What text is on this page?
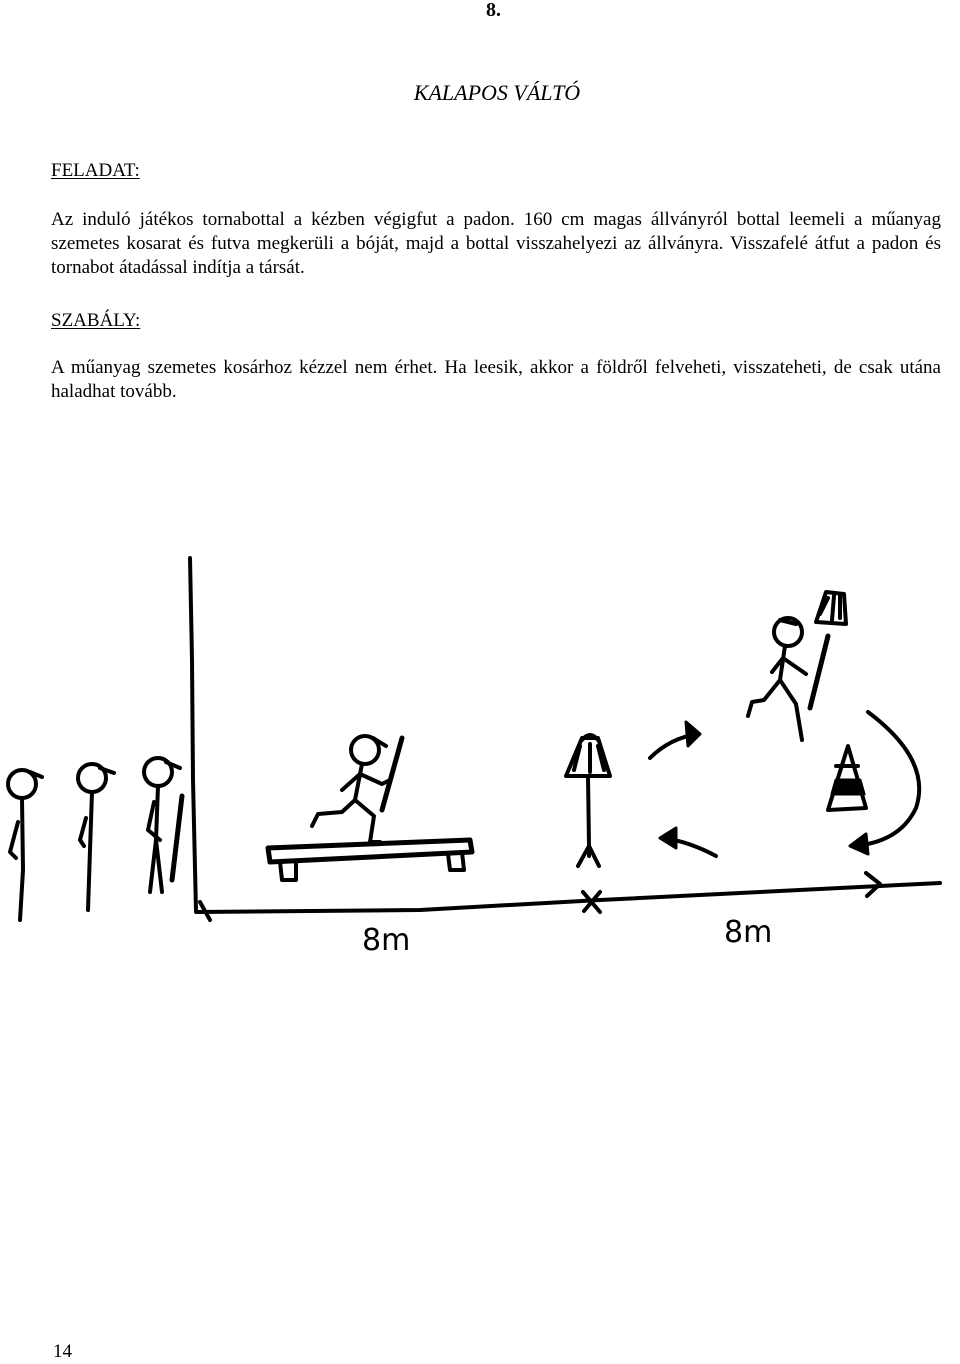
8.
KALAPOS VÁLTÓ
FELADAT:
Az induló játékos tornabottal a kézben végigfut a padon. 160 cm magas állványról bottal leemeli a műanyag szemetes kosarat és futva megkerüli a bóját, majd a bottal visszahelyezi az állványra. Visszafelé átfut a padon és tornabot átadással indítja a társát.
SZABÁLY:
A műanyag szemetes kosárhoz kézzel nem érhet. Ha leesik, akkor a földről felveheti, visszateheti, de csak utána haladhat tovább.
8m	8m
14
